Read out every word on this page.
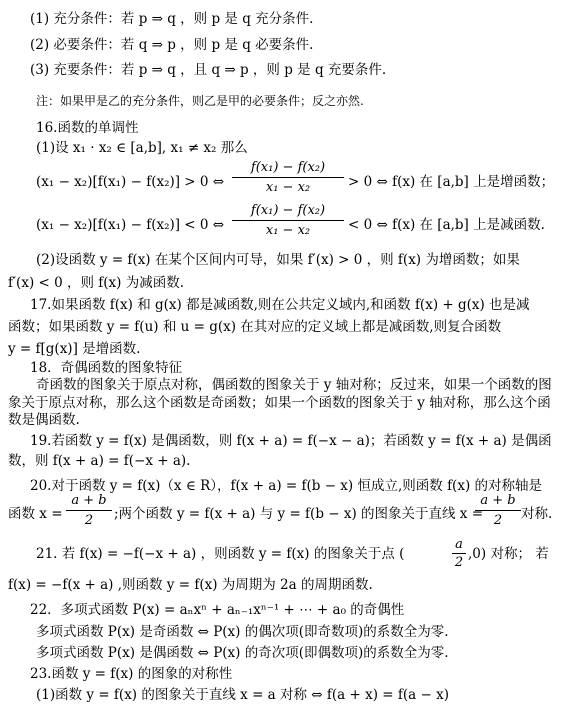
(1) 充分条件：若 p ⇒ q ，则 p 是 q 充分条件.
(2) 必要条件：若 q ⇒ p ，则 p 是 q 必要条件.
(3) 充要条件：若 p ⇒ q ，且 q ⇒ p ，则 p 是 q 充要条件.
注：如果甲是乙的充分条件，则乙是甲的必要条件；反之亦然.
16.函数的单调性
(1)设 x₁ · x₂ ∈ [a,b], x₁ ≠ x₂ 那么
(x₁ − x₂)[f(x₁) − f(x₂)] > 0 ⇔ $\frac{\text{f(x₁) − f(x₂)}}{\text{x₁ − x₂}} > 0$ ⇔ f(x) 在 [a,b] 上是增函数；
(x₁ − x₂)[f(x₁) − f(x₂)] < 0 ⇔ $\frac{\text{f(x₁) − f(x₂)}}{\text{x₁ − x₂}} < 0$ ⇔ f(x) 在 [a,b] 上是减函数.
(2)设函数 y = f(x) 在某个区间内可导，如果 f′(x) > 0 ，则 f(x) 为增函数；如果
f′(x) < 0 ，则 f(x) 为减函数.
17.如果函数 f(x) 和 g(x) 都是减函数,则在公共定义域内,和函数 f(x) + g(x) 也是减
函数；如果函数 y = f(u) 和 u = g(x) 在其对应的定义域上都是减函数,则复合函数
y = f[g(x)] 是增函数.
18．奇偶函数的图象特征
奇函数的图象关于原点对称，偶函数的图象关于 y 轴对称；反过来，如果一个函数的图
象关于原点对称，那么这个函数是奇函数；如果一个函数的图象关于 y 轴对称，那么这个函
数是偶函数.
19.若函数 y = f(x) 是偶函数，则 f(x + a) = f(−x − a)；若函数 y = f(x + a) 是偶函
数，则 f(x + a) = f(−x + a).
20.对于函数 y = f(x)（x ∈ R），f(x + a) = f(b − x) 恒成立,则函数 f(x) 的对称轴是
函数 $x = \frac{a + b}{2}$ ;两个函数 y = f(x + a) 与 y = f(b − x) 的图象关于直线 x =
$\frac{a + b}{2}$ 对称.
21. 若 f(x) = −f(−x + a) ，则函数 y = f(x) 的图象关于点 (	$\frac{a}{2} ,0$) 对称； 若
f(x) = −f(x + a) ,则函数 y = f(x) 为周期为 2a 的周期函数.
22．多项式函数 P(x) = aₙxⁿ + aₙ₋₁xⁿ⁻¹ + ⋯ + a₀ 的奇偶性
多项式函数 P(x) 是奇函数 ⇔ P(x) 的偶次项(即奇数项)的系数全为零.
多项式函数 P(x) 是偶函数 ⇔ P(x) 的奇次项(即偶数项)的系数全为零.
23.函数 y = f(x) 的图象的对称性
(1)函数 y = f(x) 的图象关于直线 x = a 对称 ⇔ f(a + x) = f(a − x)
